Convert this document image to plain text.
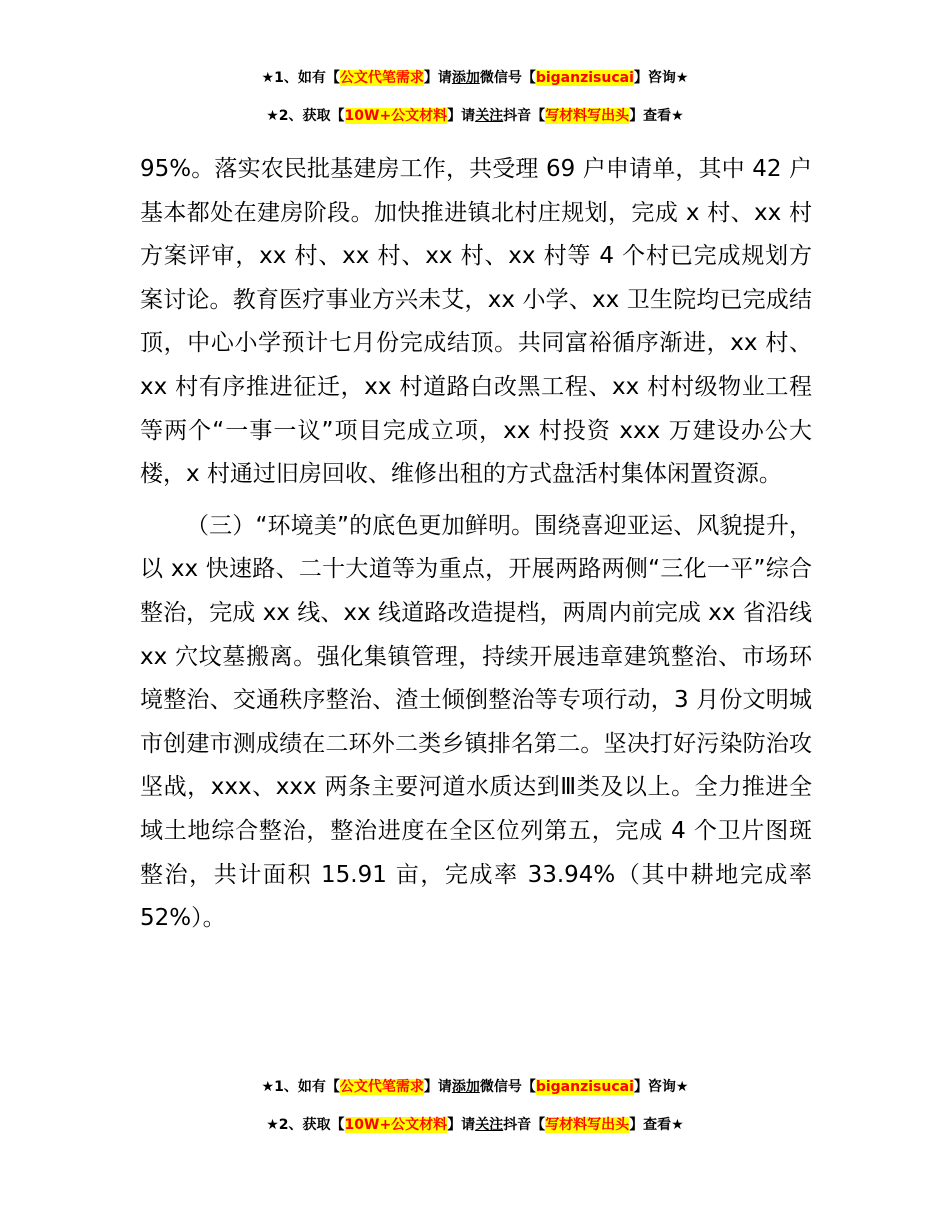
★1、如有【公文代笔需求】请添加微信号【biganzisucai】咨询★
★2、获取【10W+公文材料】请关注抖音【写材料写出头】查看★

95%。落实农民批基建房工作，共受理 69 户申请单，其中 42 户基本都处在建房阶段。加快推进镇北村庄规划，完成 x 村、xx 村方案评审，xx 村、xx 村、xx 村、xx 村等 4 个村已完成规划方案讨论。教育医疗事业方兴未艾，xx 小学、xx 卫生院均已完成结顶，中心小学预计七月份完成结顶。共同富裕循序渐进，xx 村、xx 村有序推进征迁，xx 村道路白改黑工程、xx 村村级物业工程等两个“一事一议”项目完成立项，xx 村投资 xxx 万建设办公大楼，x 村通过旧房回收、维修出租的方式盘活村集体闲置资源。

（三）“环境美”的底色更加鲜明。围绕喜迎亚运、风貌提升，以 xx 快速路、二十大道等为重点，开展两路两侧“三化一平”综合整治，完成 xx 线、xx 线道路改造提档，两周内前完成 xx 省沿线 xx 穴坟墓搬离。强化集镇管理，持续开展违章建筑整治、市场环境整治、交通秩序整治、渣土倾倒整治等专项行动，3 月份文明城市创建市测成绩在二环外二类乡镇排名第二。坚决打好污染防治攻坚战，xxx、xxx 两条主要河道水质达到Ⅲ类及以上。全力推进全域土地综合整治，整治进度在全区位列第五，完成 4 个卫片图斑整治，共计面积 15.91 亩，完成率 33.94%（其中耕地完成率 52%）。

★1、如有【公文代笔需求】请添加微信号【biganzisucai】咨询★
★2、获取【10W+公文材料】请关注抖音【写材料写出头】查看★
